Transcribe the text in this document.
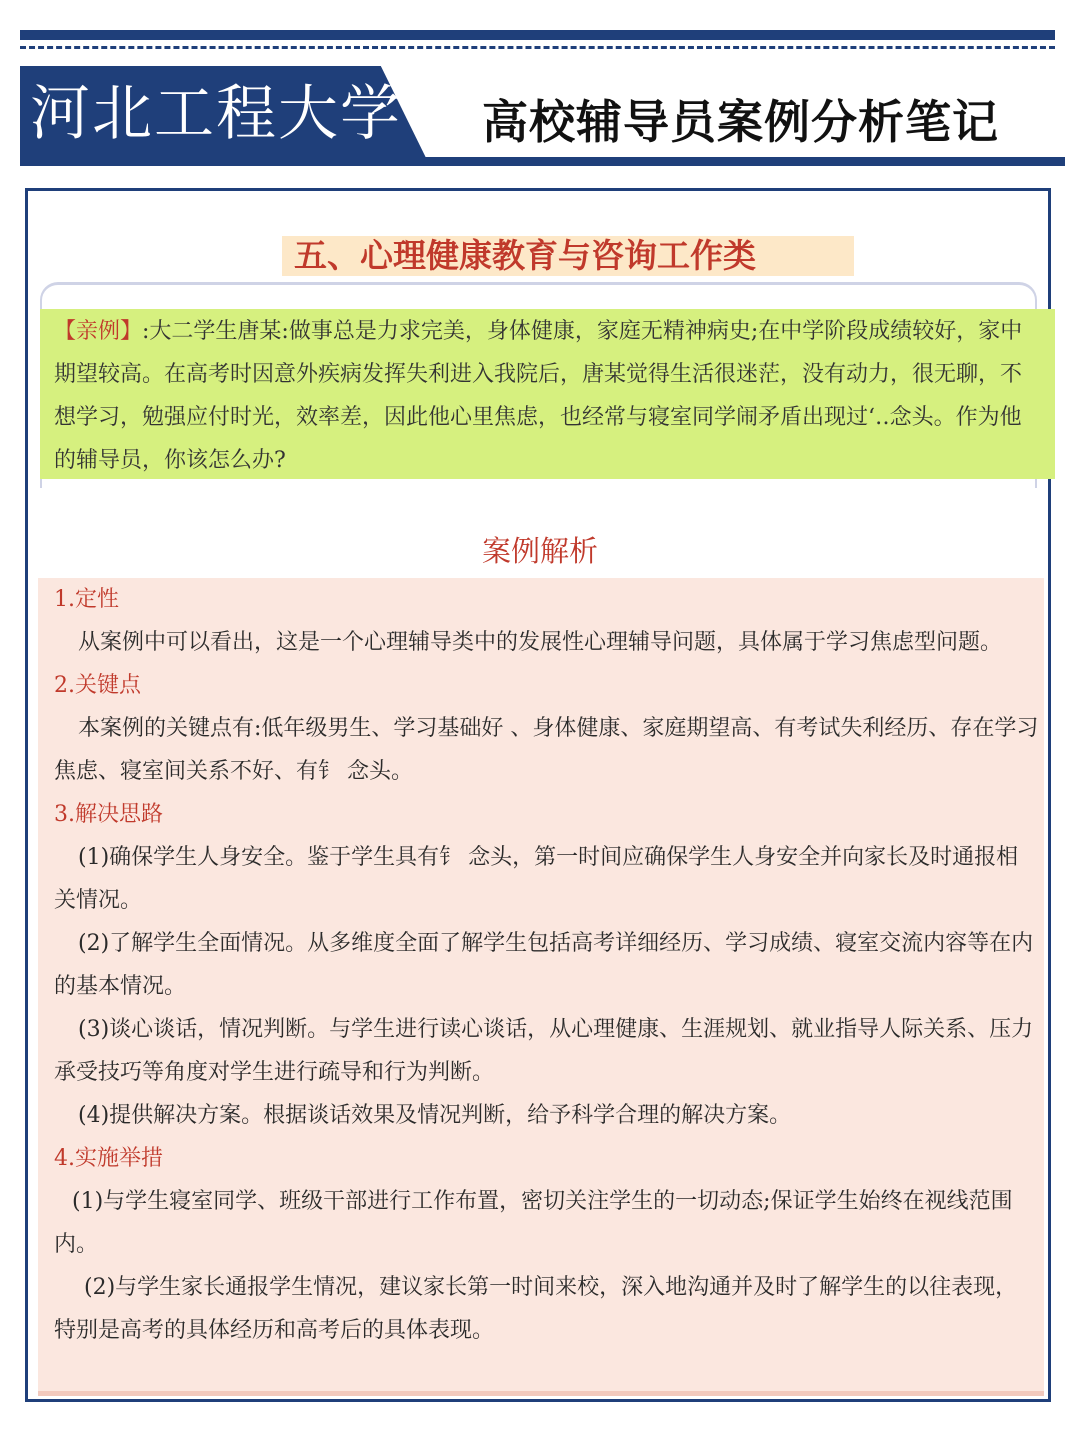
河北工程大学 高校辅导员案例分析笔记
五、心理健康教育与咨询工作类
【亲例】:大二学生唐某:做事总是力求完美，身体健康，家庭无精神病史;在中学阶段成绩较好，家中期望较高。在高考时因意外疾病发挥失利进入我院后，唐某觉得生活很迷茫，没有动力，很无聊，不想学习，勉强应付时光，效率差，因此他心里焦虑，也经常与寝室同学闹矛盾出现过‘‥念头。作为他的辅导员，你该怎么办?
案例解析

1.定性

从案例中可以看出，这是一个心理辅导类中的发展性心理辅导问题，具体属于学习焦虑型问题。

2.关键点

本案例的关键点有:低年级男生、学习基础好 、身体健康、家庭期望高、有考试失利经历、存在学习焦虑、寝室间关系不好、有钅 念头。

3.解决思路

(1)确保学生人身安全。鉴于学生具有钅 念头，第一时间应确保学生人身安全并向家长及时通报相关情况。

(2)了解学生全面情况。从多维度全面了解学生包括高考详细经历、学习成绩、寝室交流内容等在内的基本情况。

(3)谈心谈话，情况判断。与学生进行读心谈话，从心理健康、生涯规划、就业指导人际关系、压力承受技巧等角度对学生进行疏导和行为判断。

(4)提供解决方案。根据谈话效果及情况判断，给予科学合理的解决方案。

4.实施举措

(1)与学生寝室同学、班级干部进行工作布置，密切关注学生的一切动态;保证学生始终在视线范围内。

(2)与学生家长通报学生情况，建议家长第一时间来校，深入地沟通并及时了解学生的以往表现，特别是高考的具体经历和高考后的具体表现。
